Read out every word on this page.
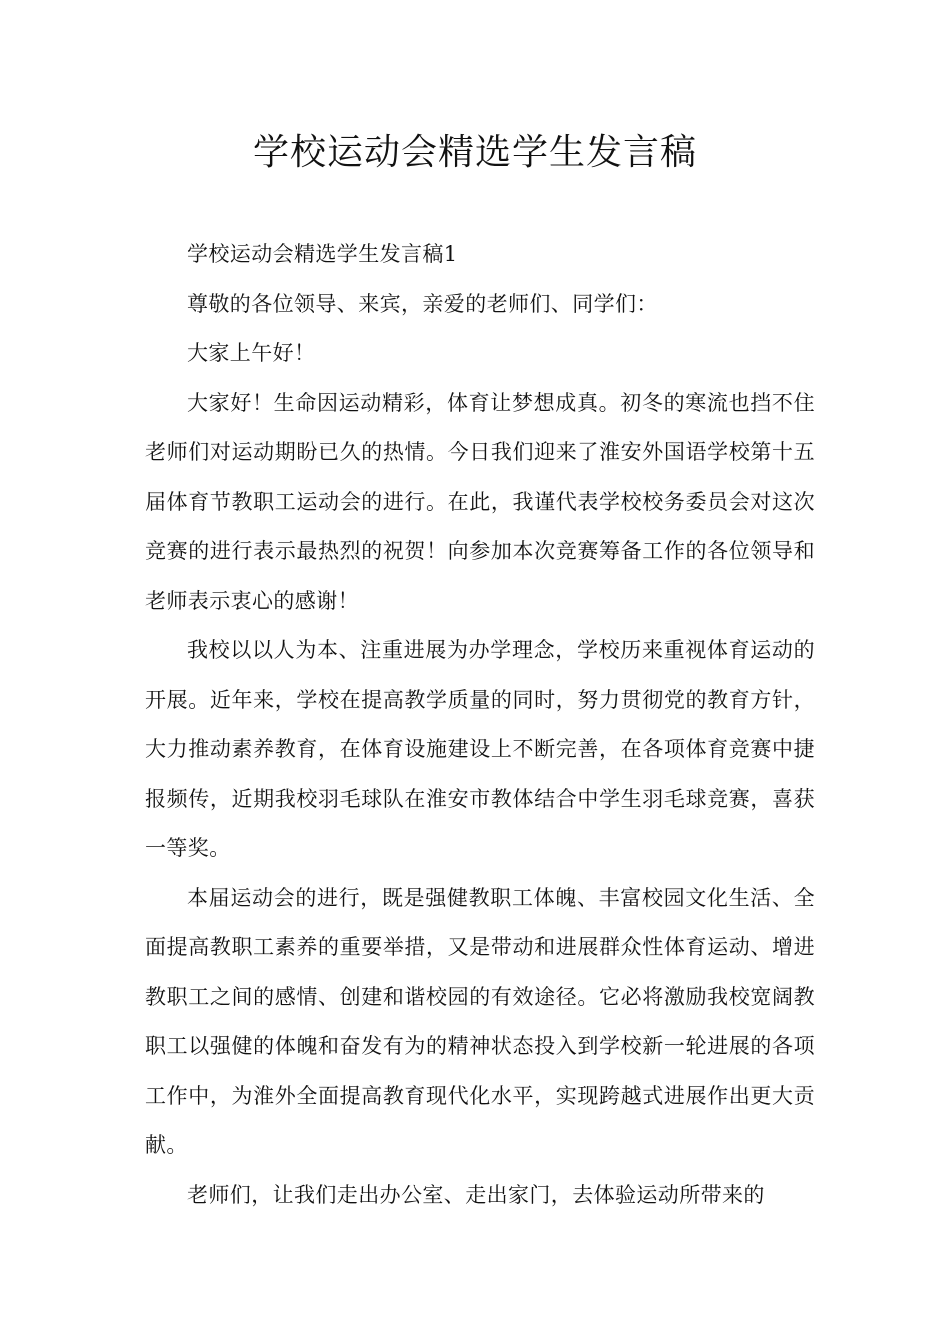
学校运动会精选学生发言稿

学校运动会精选学生发言稿1

尊敬的各位领导、来宾，亲爱的老师们、同学们：

大家上午好！

大家好！生命因运动精彩，体育让梦想成真。初冬的寒流也挡不住老师们对运动期盼已久的热情。今日我们迎来了淮安外国语学校第十五届体育节教职工运动会的进行。在此，我谨代表学校校务委员会对这次竞赛的进行表示最热烈的祝贺！向参加本次竞赛筹备工作的各位领导和老师表示衷心的感谢！

我校以以人为本、注重进展为办学理念，学校历来重视体育运动的开展。近年来，学校在提高教学质量的同时，努力贯彻党的教育方针，大力推动素养教育，在体育设施建设上不断完善，在各项体育竞赛中捷报频传，近期我校羽毛球队在淮安市教体结合中学生羽毛球竞赛，喜获一等奖。

本届运动会的进行，既是强健教职工体魄、丰富校园文化生活、全面提高教职工素养的重要举措，又是带动和进展群众性体育运动、增进教职工之间的感情、创建和谐校园的有效途径。它必将激励我校宽阔教职工以强健的体魄和奋发有为的精神状态投入到学校新一轮进展的各项工作中，为淮外全面提高教育现代化水平，实现跨越式进展作出更大贡献。

老师们，让我们走出办公室、走出家门，去体验运动所带来的
